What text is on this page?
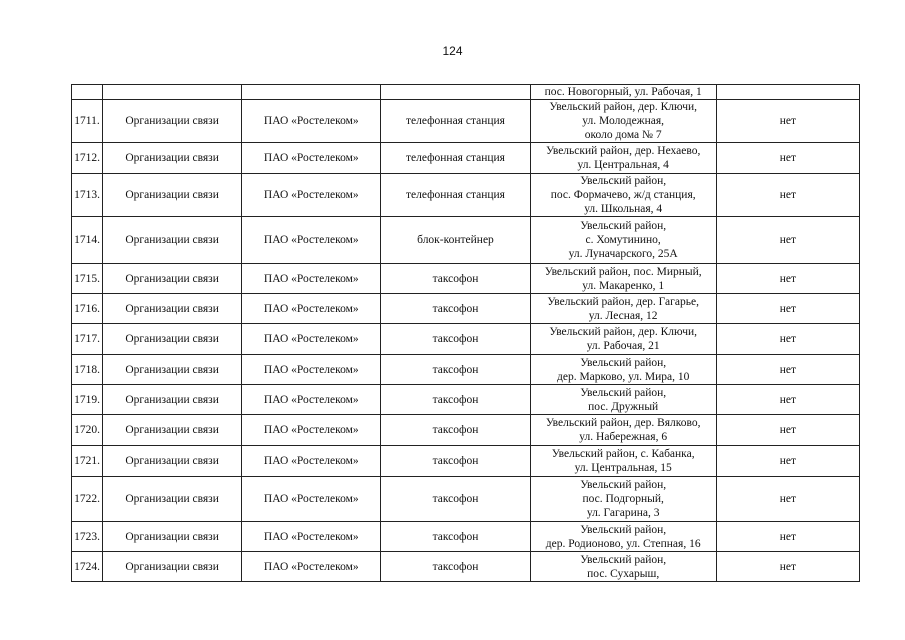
124
				пос. Новогорный, ул. Рабочая, 1	
1711.	Организации связи	ПАО «Ростелеком»	телефонная станция	Увельский район, дер. Ключи,
ул. Молодежная,
около дома № 7	нет
1712.	Организации связи	ПАО «Ростелеком»	телефонная станция	Увельский район, дер. Нехаево,
ул. Центральная, 4	нет
1713.	Организации связи	ПАО «Ростелеком»	телефонная станция	Увельский район,
пос. Формачево, ж/д станция,
ул. Школьная, 4	нет
1714.	Организации связи	ПАО «Ростелеком»	блок-контейнер	Увельский район,
с. Хомутинино,
ул. Луначарского, 25А	нет
1715.	Организации связи	ПАО «Ростелеком»	таксофон	Увельский район, пос. Мирный,
ул. Макаренко, 1	нет
1716.	Организации связи	ПАО «Ростелеком»	таксофон	Увельский район, дер. Гагарье,
ул. Лесная, 12	нет
1717.	Организации связи	ПАО «Ростелеком»	таксофон	Увельский район, дер. Ключи,
ул. Рабочая, 21	нет
1718.	Организации связи	ПАО «Ростелеком»	таксофон	Увельский район,
дер. Марково, ул. Мира, 10	нет
1719.	Организации связи	ПАО «Ростелеком»	таксофон	Увельский район,
пос. Дружный	нет
1720.	Организации связи	ПАО «Ростелеком»	таксофон	Увельский район, дер. Вялково,
ул. Набережная, 6	нет
1721.	Организации связи	ПАО «Ростелеком»	таксофон	Увельский район, с. Кабанка,
ул. Центральная, 15	нет
1722.	Организации связи	ПАО «Ростелеком»	таксофон	Увельский район,
пос. Подгорный,
ул. Гагарина, 3	нет
1723.	Организации связи	ПАО «Ростелеком»	таксофон	Увельский район,
дер. Родионово, ул. Степная, 16	нет
1724.	Организации связи	ПАО «Ростелеком»	таксофон	Увельский район,
пос. Сухарыш,	нет
